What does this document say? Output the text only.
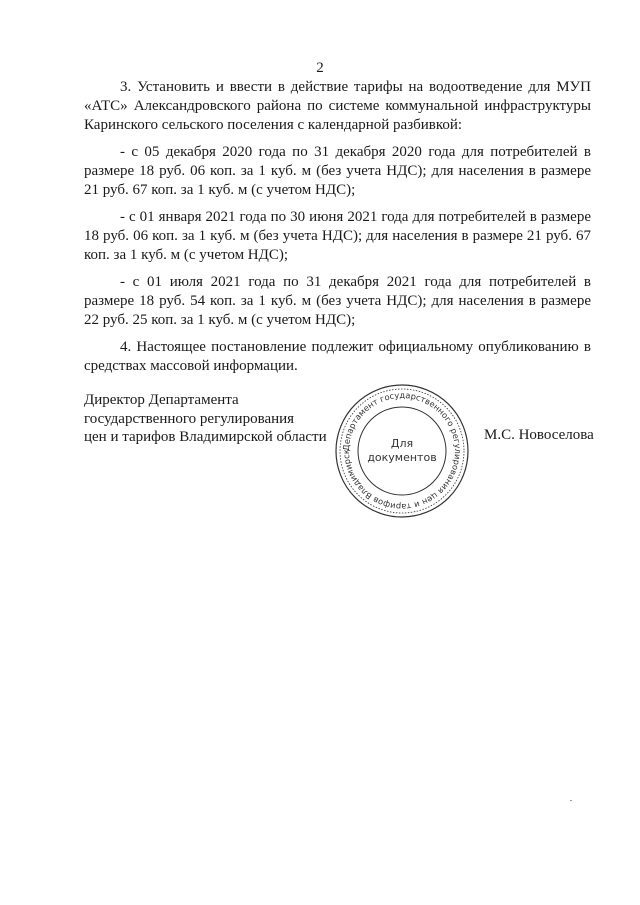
2

3. Установить и ввести в действие тарифы на водоотведение для МУП «АТС» Александровского района по системе коммунальной инфраструктуры Каринского сельского поселения с календарной разбивкой:

- с 05 декабря 2020 года по 31 декабря 2020 года для потребителей в размере 18 руб. 06 коп. за 1 куб. м (без учета НДС); для населения в размере 21 руб. 67 коп. за 1 куб. м (с учетом НДС);

- с 01 января 2021 года по 30 июня 2021 года для потребителей в размере 18 руб. 06 коп. за 1 куб. м (без учета НДС); для населения в размере 21 руб. 67 коп. за 1 куб. м (с учетом НДС);

- с 01 июля 2021 года по 31 декабря 2021 года для потребителей в размере 18 руб. 54 коп. за 1 куб. м (без учета НДС); для населения в размере 22 руб. 25 коп. за 1 куб. м (с учетом НДС);

4. Настоящее постановление подлежит официальному опубликованию в средствах массовой информации.

Директор Департамента
государственного регулирования
цен и тарифов Владимирской области
Департамент государственного регулирования цен и тарифов Владимирск
Для
документов
М.С. Новоселова
